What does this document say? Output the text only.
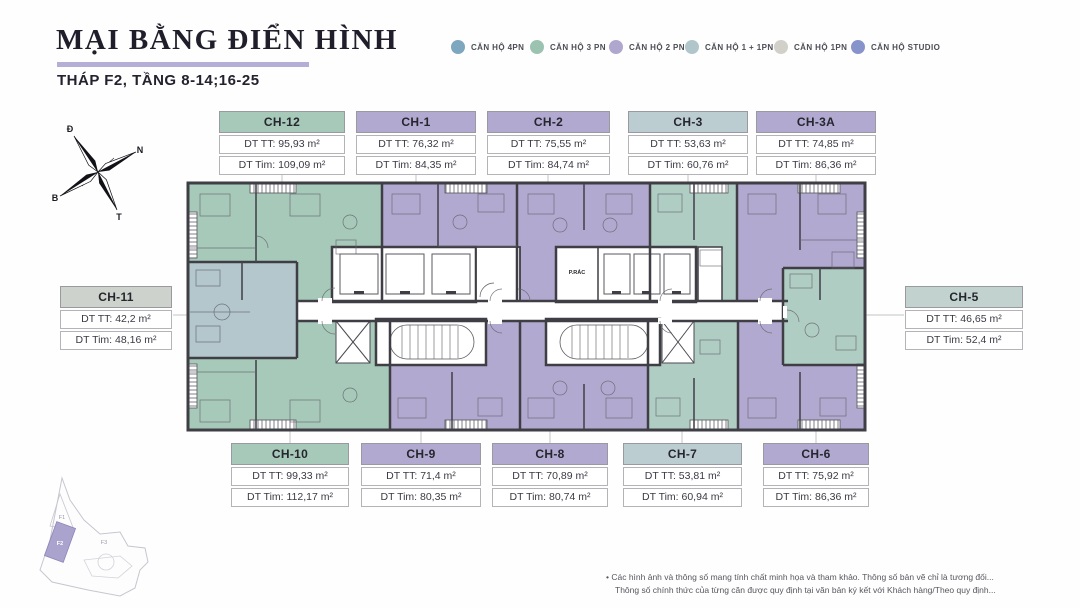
MẠI BẰNG ĐIỂN HÌNH
THÁP F2, TẦNG 8-14;16-25
CĂN HỘ 4PN	CĂN HỘ 3 PN	CĂN HỘ 2 PN	CĂN HỘ 1 + 1PN	CĂN HỘ 1PN	CĂN HỘ STUDIO
P.RÁC
Đ
N
B
T
F1
F2	F3
CH-12
DT TT: 95,93 m²
DT Tim: 109,09 m²
CH-1
DT TT: 76,32 m²
DT Tim: 84,35 m²
CH-2
DT TT: 75,55 m²
DT Tim: 84,74 m²
CH-3
DT TT: 53,63 m²
DT Tim: 60,76 m²
CH-3A
DT TT: 74,85 m²
DT Tim: 86,36 m²
CH-11
DT TT: 42,2 m²
DT Tim: 48,16 m²
CH-5
DT TT: 46,65 m²
DT Tim: 52,4 m²
CH-10
DT TT: 99,33 m²
DT Tim: 112,17 m²
CH-9
DT TT: 71,4 m²
DT Tim: 80,35 m²
CH-8
DT TT: 70,89 m²
DT Tim: 80,74 m²
CH-7
DT TT: 53,81 m²
DT Tim: 60,94 m²
CH-6
DT TT: 75,92 m²
DT Tim: 86,36 m²
• Các hình ảnh và thông số mang tính chất minh họa và tham khảo. Thông số bản vẽ chỉ là tương đối...
Thông số chính thức của từng căn được quy định tại văn bản ký kết với Khách hàng/Theo quy định...
